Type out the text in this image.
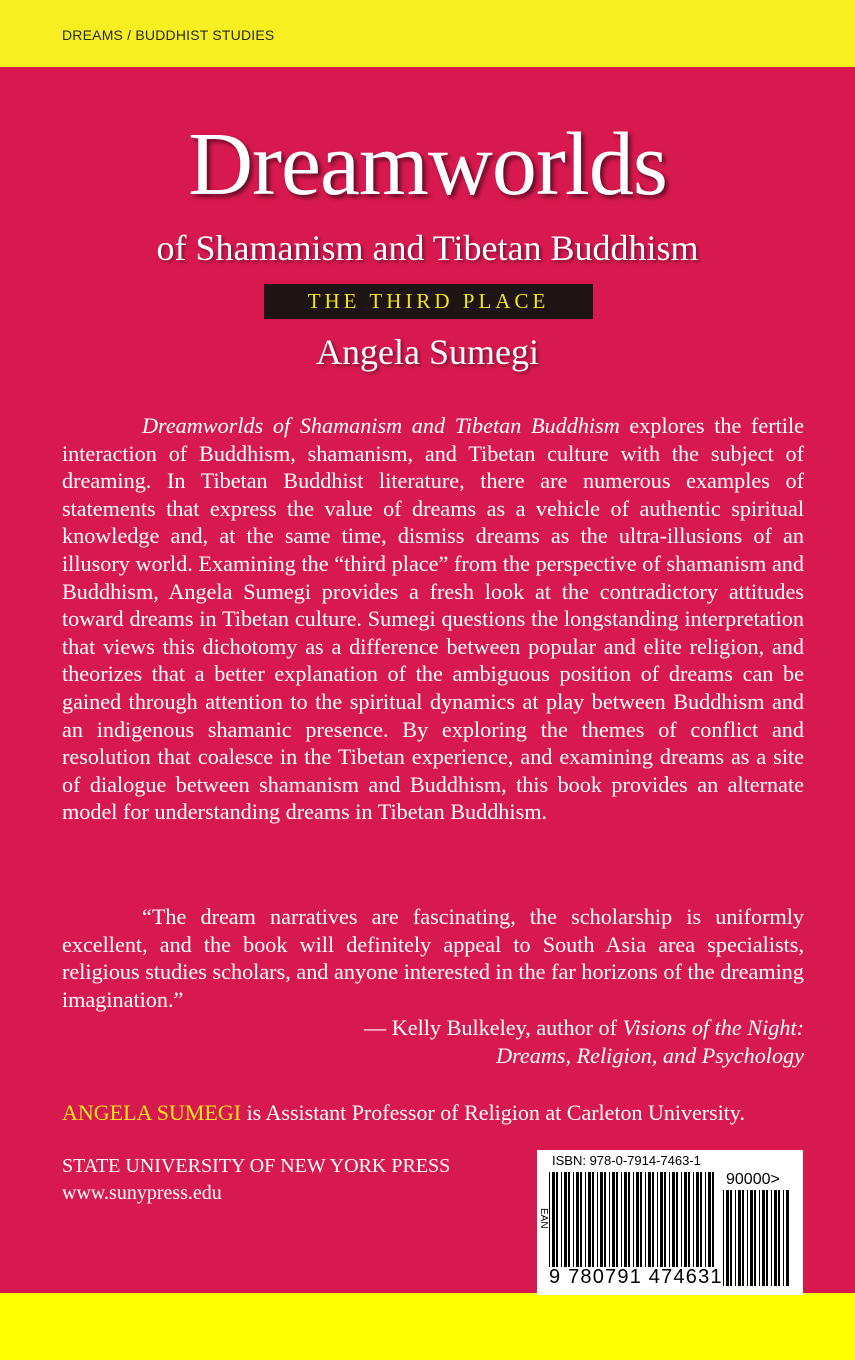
DREAMS / BUDDHIST STUDIES
Dreamworlds
of Shamanism and Tibetan Buddhism
THE THIRD PLACE
Angela Sumegi

Dreamworlds of Shamanism and Tibetan Buddhism explores the fertile interaction of Buddhism, shamanism, and Tibetan culture with the subject of dreaming. In Tibetan Buddhist literature, there are numerous examples of statements that express the value of dreams as a vehicle of authentic spiritual knowledge and, at the same time, dismiss dreams as the ultra-illusions of an illusory world. Examining the “third place” from the perspective of shamanism and Buddhism, Angela Sumegi provides a fresh look at the contradictory attitudes toward dreams in Tibetan culture. Sumegi questions the longstanding interpretation that views this dichotomy as a difference between popular and elite religion, and theorizes that a better explanation of the ambiguous position of dreams can be gained through attention to the spiritual dynamics at play between Buddhism and an indigenous shamanic presence. By exploring the themes of conflict and resolution that coalesce in the Tibetan experience, and examining dreams as a site of dialogue between shamanism and Buddhism, this book provides an alternate model for understanding dreams in Tibetan Buddhism.

“The dream narratives are fascinating, the scholarship is uniformly excellent, and the book will definitely appeal to South Asia area specialists, religious studies scholars, and anyone interested in the far horizons of the dreaming imagination.”

— Kelly Bulkeley, author of Visions of the Night:
Dreams, Religion, and Psychology
ANGELA SUMEGI is Assistant Professor of Religion at Carleton University.
STATE UNIVERSITY OF NEW YORK PRESS
www.sunypress.edu
ISBN: 978-0-7914-7463-1
EAN
9 780791 474631
90000>
